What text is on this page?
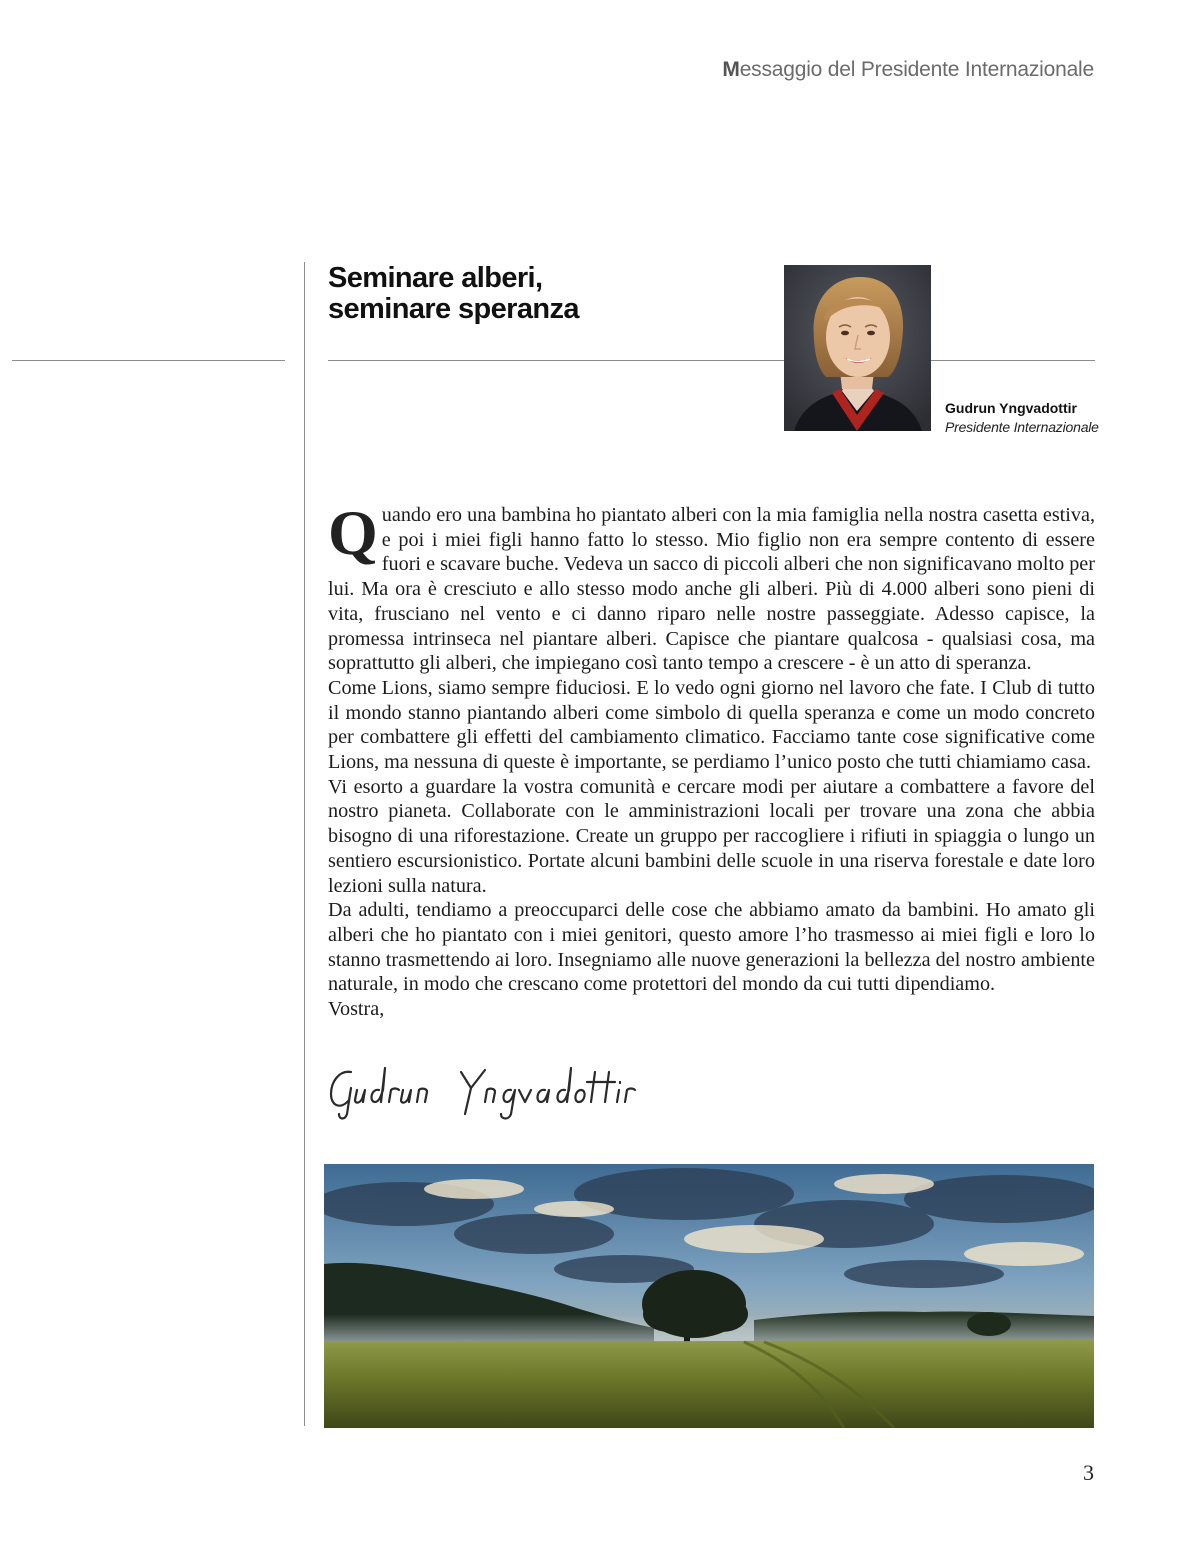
Messaggio del Presidente Internazionale
Seminare alberi,
seminare speranza
Gudrun Yngvadottir
Presidente Internazionale

Quando ero una bambina ho piantato alberi con la mia famiglia nella nostra casetta estiva, e poi i miei figli hanno fatto lo stesso. Mio figlio non era sempre contento di essere fuori e scavare buche. Vedeva un sacco di piccoli alberi che non significavano molto per lui. Ma ora è cresciuto e allo stesso modo anche gli alberi. Più di 4.000 alberi sono pieni di vita, frusciano nel vento e ci danno riparo nelle nostre passeggiate. Adesso capisce, la promessa intrinseca nel piantare alberi. Capisce che piantare qualcosa - qualsiasi cosa, ma soprattutto gli alberi, che impiegano così tanto tempo a crescere - è un atto di speranza.

Come Lions, siamo sempre fiduciosi. E lo vedo ogni giorno nel lavoro che fate. I Club di tutto il mondo stanno piantando alberi come simbolo di quella speranza e come un modo concreto per combattere gli effetti del cambiamento climatico. Facciamo tante cose significative come Lions, ma nessuna di queste è importante, se perdiamo l’unico posto che tutti chiamiamo casa.

Vi esorto a guardare la vostra comunità e cercare modi per aiutare a combattere a favore del nostro pianeta. Collaborate con le amministrazioni locali per trovare una zona che abbia bisogno di una riforestazione. Create un gruppo per raccogliere i rifiuti in spiaggia o lungo un sentiero escursionistico. Portate alcuni bambini delle scuole in una riserva forestale e date loro lezioni sulla natura.

Da adulti, tendiamo a preoccuparci delle cose che abbiamo amato da bambini. Ho amato gli alberi che ho piantato con i miei genitori, questo amore l’ho trasmesso ai miei figli e loro lo stanno trasmettendo ai loro. Insegniamo alle nuove generazioni la bellezza del nostro ambiente naturale, in modo che crescano come protettori del mondo da cui tutti dipendiamo.

Vostra,

3
